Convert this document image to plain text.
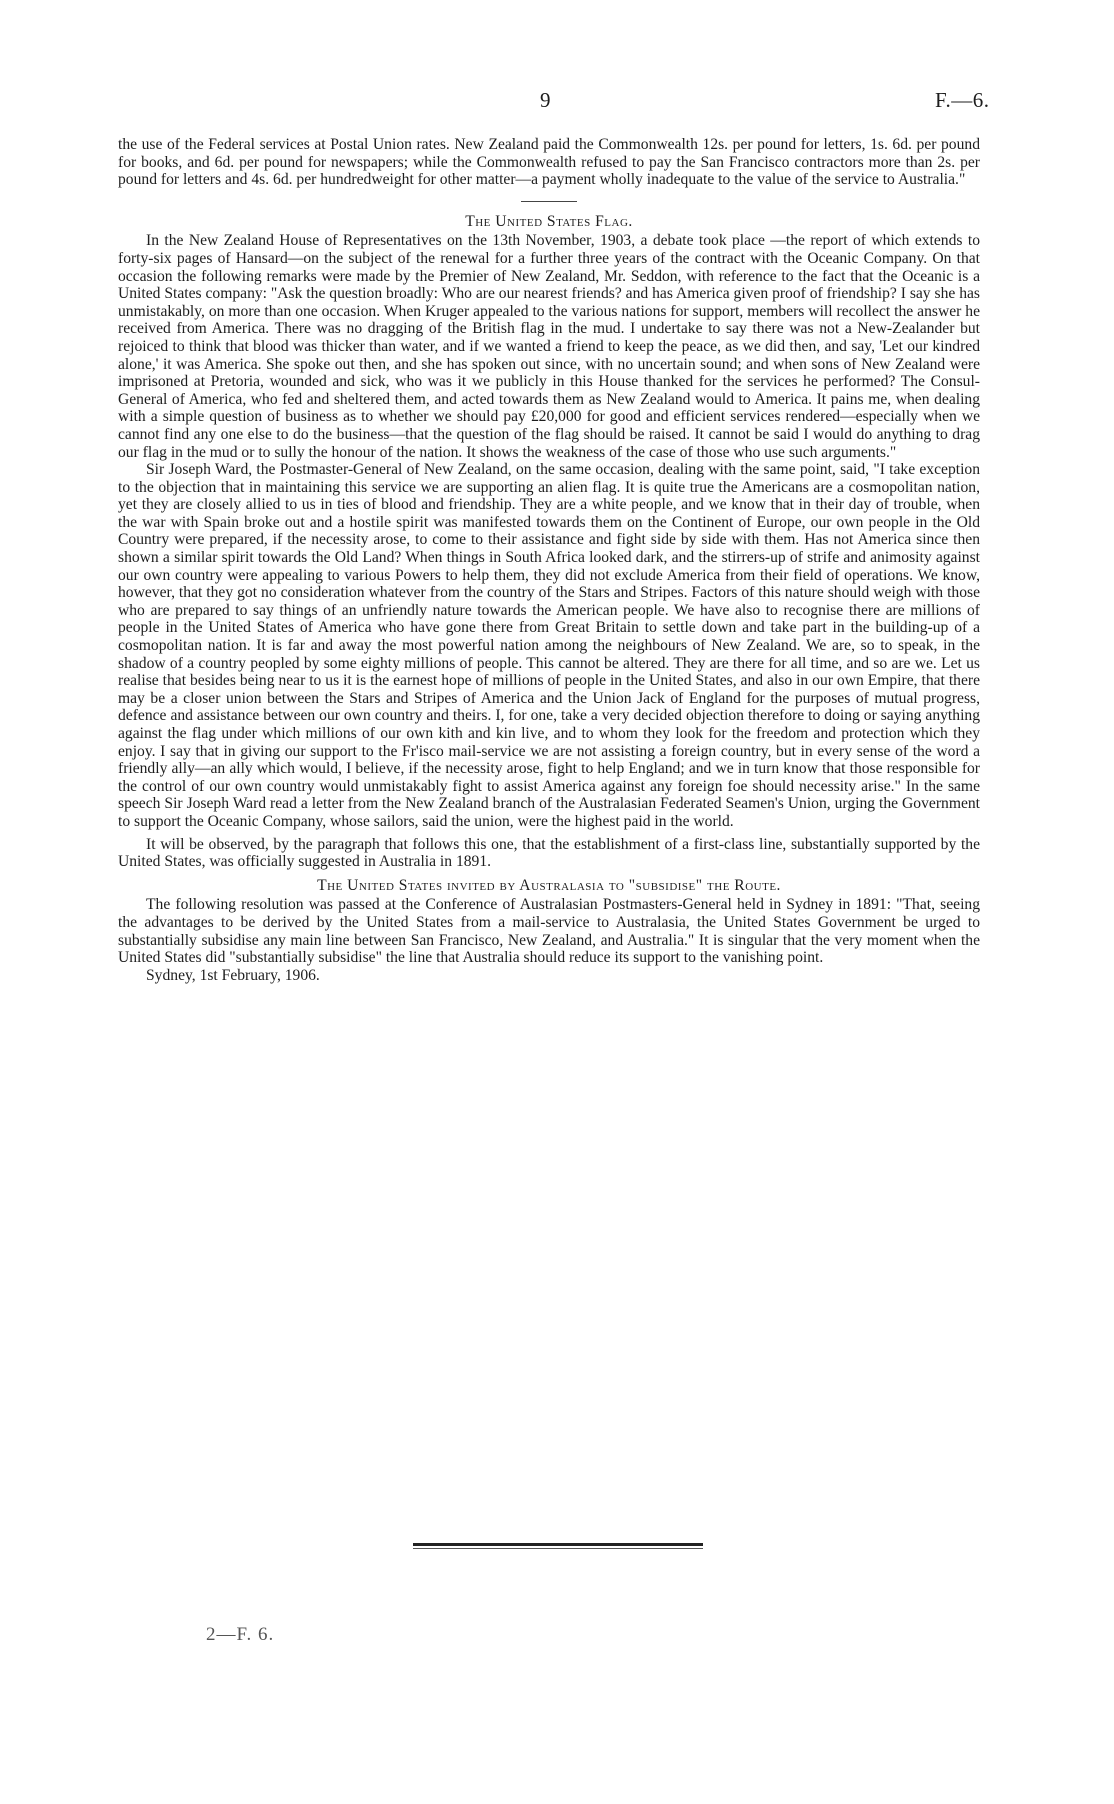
9	F.—6.

the use of the Federal services at Postal Union rates. New Zealand paid the Commonwealth 12s. per pound for letters, 1s. 6d. per pound for books, and 6d. per pound for newspapers; while the Commonwealth refused to pay the San Francisco contractors more than 2s. per pound for letters and 4s. 6d. per hundredweight for other matter—a payment wholly inadequate to the value of the service to Australia."

The United States Flag.

In the New Zealand House of Representatives on the 13th November, 1903, a debate took place —the report of which extends to forty-six pages of Hansard—on the subject of the renewal for a further three years of the contract with the Oceanic Company. On that occasion the following remarks were made by the Premier of New Zealand, Mr. Seddon, with reference to the fact that the Oceanic is a United States company: "Ask the question broadly: Who are our nearest friends? and has America given proof of friendship? I say she has unmistakably, on more than one occasion. When Kruger appealed to the various nations for support, members will recollect the answer he received from America. There was no dragging of the British flag in the mud. I undertake to say there was not a New-Zealander but rejoiced to think that blood was thicker than water, and if we wanted a friend to keep the peace, as we did then, and say, 'Let our kindred alone,' it was America. She spoke out then, and she has spoken out since, with no uncertain sound; and when sons of New Zealand were imprisoned at Pretoria, wounded and sick, who was it we publicly in this House thanked for the services he performed? The Consul-General of America, who fed and sheltered them, and acted towards them as New Zealand would to America. It pains me, when dealing with a simple question of business as to whether we should pay £20,000 for good and efficient services rendered—especially when we cannot find any one else to do the business—that the question of the flag should be raised. It cannot be said I would do anything to drag our flag in the mud or to sully the honour of the nation. It shows the weakness of the case of those who use such arguments."

Sir Joseph Ward, the Postmaster-General of New Zealand, on the same occasion, dealing with the same point, said, "I take exception to the objection that in maintaining this service we are supporting an alien flag. It is quite true the Americans are a cosmopolitan nation, yet they are closely allied to us in ties of blood and friendship. They are a white people, and we know that in their day of trouble, when the war with Spain broke out and a hostile spirit was manifested towards them on the Continent of Europe, our own people in the Old Country were prepared, if the necessity arose, to come to their assistance and fight side by side with them. Has not America since then shown a similar spirit towards the Old Land? When things in South Africa looked dark, and the stirrers-up of strife and animosity against our own country were appealing to various Powers to help them, they did not exclude America from their field of operations. We know, however, that they got no consideration whatever from the country of the Stars and Stripes. Factors of this nature should weigh with those who are prepared to say things of an unfriendly nature towards the American people. We have also to recognise there are millions of people in the United States of America who have gone there from Great Britain to settle down and take part in the building-up of a cosmopolitan nation. It is far and away the most powerful nation among the neighbours of New Zealand. We are, so to speak, in the shadow of a country peopled by some eighty millions of people. This cannot be altered. They are there for all time, and so are we. Let us realise that besides being near to us it is the earnest hope of millions of people in the United States, and also in our own Empire, that there may be a closer union between the Stars and Stripes of America and the Union Jack of England for the purposes of mutual progress, defence and assistance between our own country and theirs. I, for one, take a very decided objection therefore to doing or saying anything against the flag under which millions of our own kith and kin live, and to whom they look for the freedom and protection which they enjoy. I say that in giving our support to the Fr'isco mail-service we are not assisting a foreign country, but in every sense of the word a friendly ally—an ally which would, I believe, if the necessity arose, fight to help England; and we in turn know that those responsible for the control of our own country would unmistakably fight to assist America against any foreign foe should necessity arise." In the same speech Sir Joseph Ward read a letter from the New Zealand branch of the Australasian Federated Seamen's Union, urging the Government to support the Oceanic Company, whose sailors, said the union, were the highest paid in the world.

It will be observed, by the paragraph that follows this one, that the establishment of a first-class line, substantially supported by the United States, was officially suggested in Australia in 1891.

The United States invited by Australasia to "subsidise" the Route.

The following resolution was passed at the Conference of Australasian Postmasters-General held in Sydney in 1891: "That, seeing the advantages to be derived by the United States from a mail-service to Australasia, the United States Government be urged to substantially subsidise any main line between San Francisco, New Zealand, and Australia." It is singular that the very moment when the United States did "substantially subsidise" the line that Australia should reduce its support to the vanishing point.

Sydney, 1st February, 1906.

2—F. 6.
